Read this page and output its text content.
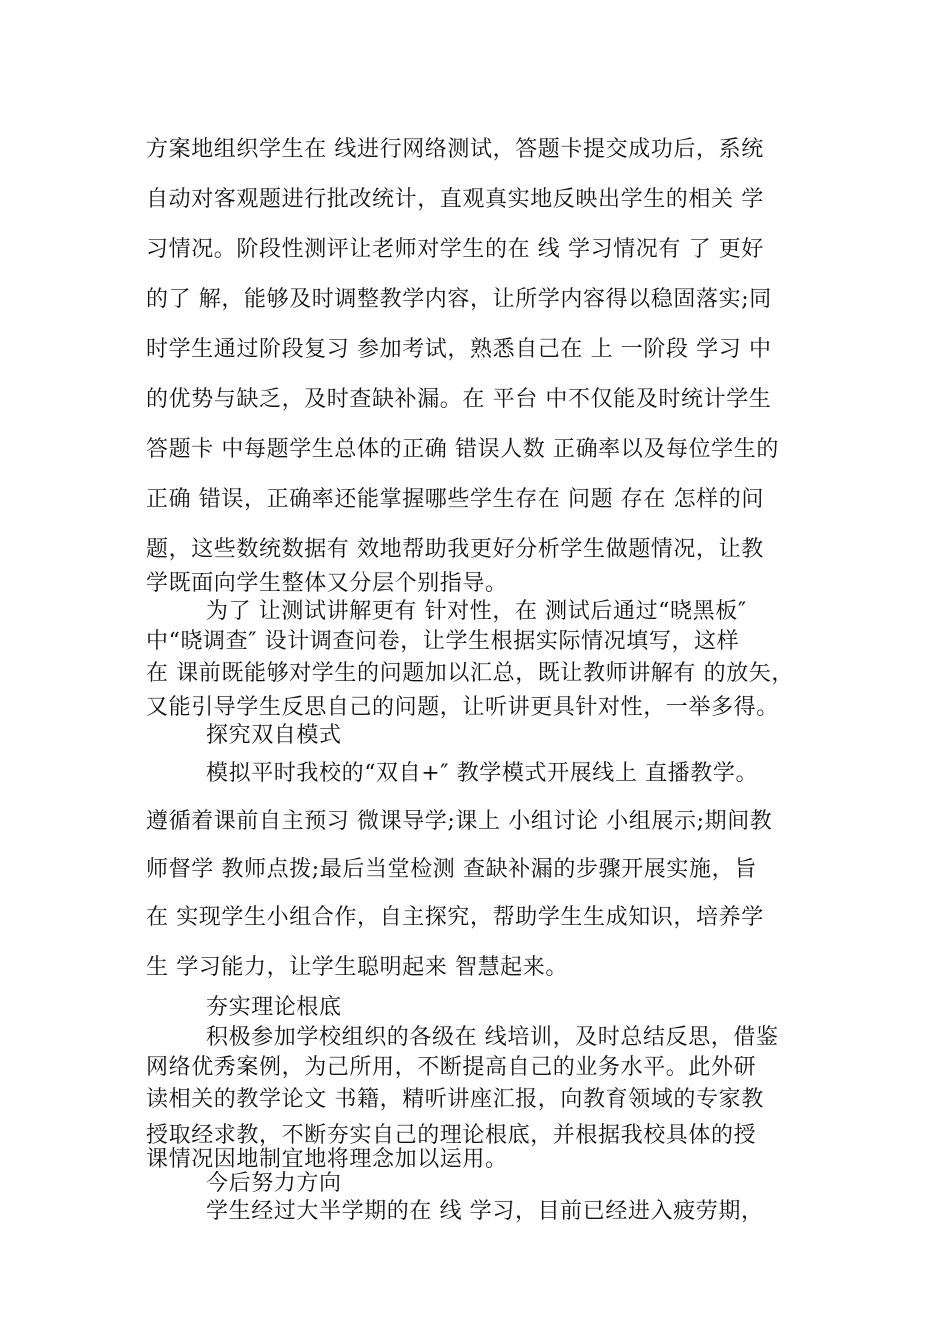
方案地组织学生在 线进行网络测试，答题卡提交成功后，系统

自动对客观题进行批改统计，直观真实地反映出学生的相关 学

习情况。阶段性测评让老师对学生的在 线 学习情况有 了 更好

的了 解，能够及时调整教学内容，让所学内容得以稳固落实;同

时学生通过阶段复习 参加考试，熟悉自己在 上 一阶段 学习 中

的优势与缺乏，及时查缺补漏。在 平台 中不仅能及时统计学生

答题卡 中每题学生总体的正确 错误人数 正确率以及每位学生的

正确 错误，正确率还能掌握哪些学生存在 问题 存在 怎样的问

题，这些数统数据有 效地帮助我更好分析学生做题情况，让教

学既面向学生整体又分层个别指导。

为了 让测试讲解更有 针对性，在 测试后通过“晓黑板″

中“晓调查″ 设计调查问卷，让学生根据实际情况填写，这样

在 课前既能够对学生的问题加以汇总，既让教师讲解有 的放矢，

又能引导学生反思自己的问题，让听讲更具针对性，一举多得。

探究双自模式

模拟平时我校的“双自+″ 教学模式开展线上 直播教学。

遵循着课前自主预习 微课导学;课上 小组讨论 小组展示;期间教

师督学 教师点拨;最后当堂检测 查缺补漏的步骤开展实施，旨

在 实现学生小组合作，自主探究，帮助学生生成知识，培养学

生 学习能力，让学生聪明起来 智慧起来。

夯实理论根底

积极参加学校组织的各级在 线培训，及时总结反思，借鉴

网络优秀案例，为己所用，不断提高自己的业务水平。此外研

读相关的教学论文 书籍，精听讲座汇报，向教育领域的专家教

授取经求教，不断夯实自己的理论根底，并根据我校具体的授

课情况因地制宜地将理念加以运用。

今后努力方向

学生经过大半学期的在 线 学习，目前已经进入疲劳期，
